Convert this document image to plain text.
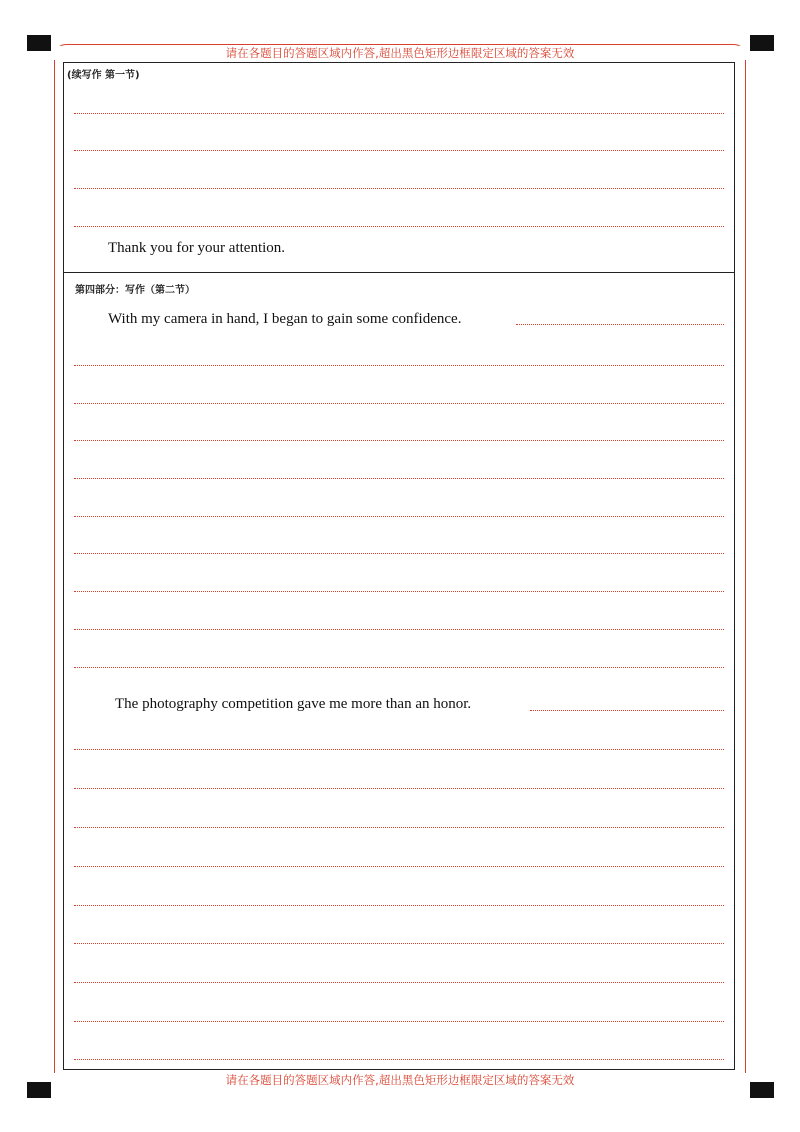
请在各题目的答题区域内作答,超出黑色矩形边框限定区域的答案无效
请在各题目的答题区域内作答,超出黑色矩形边框限定区域的答案无效
(续写作 第一节)
Thank you for your attention.
第四部分：写作（第二节）
With my camera in hand, I began to gain some confidence.
The photography competition gave me more than an honor.
